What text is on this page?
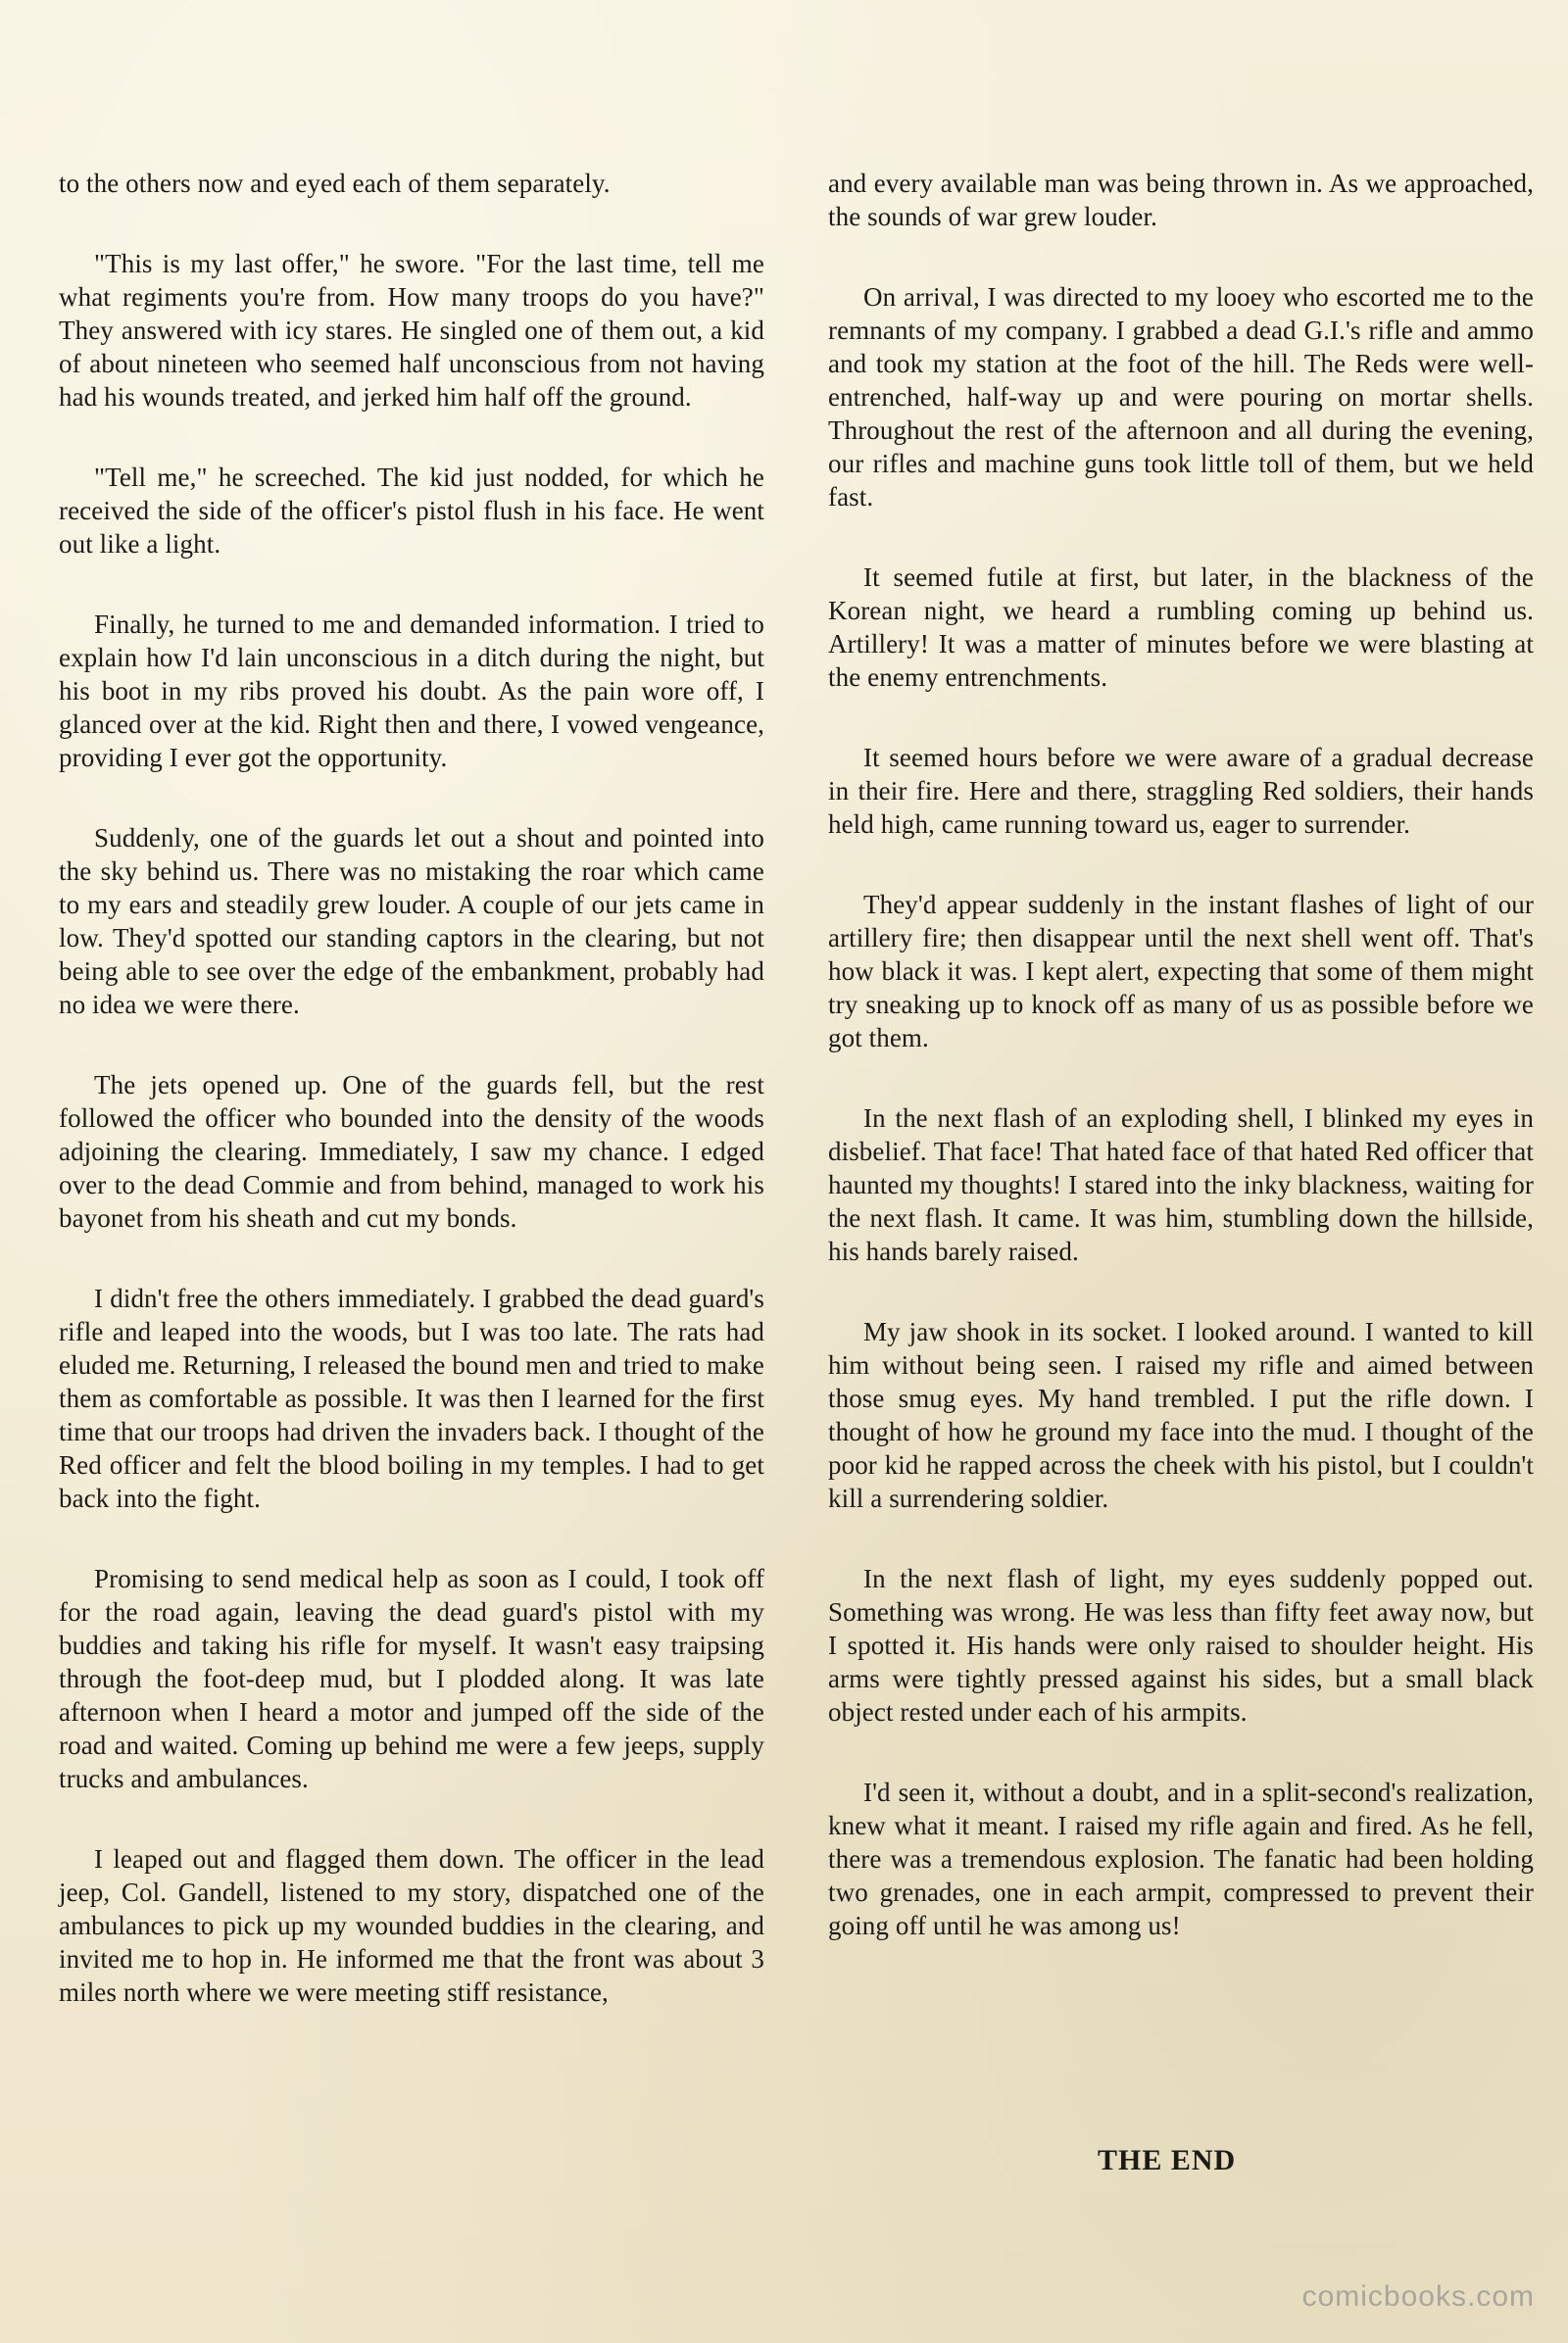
to the others now and eyed each of them separately.

"This is my last offer," he swore. "For the last time, tell me what regiments you're from. How many troops do you have?" They answered with icy stares. He singled one of them out, a kid of about nineteen who seemed half unconscious from not having had his wounds treated, and jerked him half off the ground.

"Tell me," he screeched. The kid just nodded, for which he received the side of the officer's pistol flush in his face. He went out like a light.

Finally, he turned to me and demanded information. I tried to explain how I'd lain unconscious in a ditch during the night, but his boot in my ribs proved his doubt. As the pain wore off, I glanced over at the kid. Right then and there, I vowed vengeance, providing I ever got the opportunity.

Suddenly, one of the guards let out a shout and pointed into the sky behind us. There was no mistaking the roar which came to my ears and steadily grew louder. A couple of our jets came in low. They'd spotted our standing captors in the clearing, but not being able to see over the edge of the embankment, probably had no idea we were there.

The jets opened up. One of the guards fell, but the rest followed the officer who bounded into the density of the woods adjoining the clearing. Immediately, I saw my chance. I edged over to the dead Commie and from behind, managed to work his bayonet from his sheath and cut my bonds.

I didn't free the others immediately. I grabbed the dead guard's rifle and leaped into the woods, but I was too late. The rats had eluded me. Returning, I released the bound men and tried to make them as comfortable as possible. It was then I learned for the first time that our troops had driven the invaders back. I thought of the Red officer and felt the blood boiling in my temples. I had to get back into the fight.

Promising to send medical help as soon as I could, I took off for the road again, leaving the dead guard's pistol with my buddies and taking his rifle for myself. It wasn't easy traipsing through the foot-deep mud, but I plodded along. It was late afternoon when I heard a motor and jumped off the side of the road and waited. Coming up behind me were a few jeeps, supply trucks and ambulances.

I leaped out and flagged them down. The officer in the lead jeep, Col. Gandell, listened to my story, dispatched one of the ambulances to pick up my wounded buddies in the clearing, and invited me to hop in. He informed me that the front was about 3 miles north where we were meeting stiff resistance,

and every available man was being thrown in. As we approached, the sounds of war grew louder.

On arrival, I was directed to my looey who escorted me to the remnants of my company. I grabbed a dead G.I.'s rifle and ammo and took my station at the foot of the hill. The Reds were well-entrenched, half-way up and were pouring on mortar shells. Throughout the rest of the afternoon and all during the evening, our rifles and machine guns took little toll of them, but we held fast.

It seemed futile at first, but later, in the blackness of the Korean night, we heard a rumbling coming up behind us. Artillery! It was a matter of minutes before we were blasting at the enemy entrenchments.

It seemed hours before we were aware of a gradual decrease in their fire. Here and there, straggling Red soldiers, their hands held high, came running toward us, eager to surrender.

They'd appear suddenly in the instant flashes of light of our artillery fire; then disappear until the next shell went off. That's how black it was. I kept alert, expecting that some of them might try sneaking up to knock off as many of us as possible before we got them.

In the next flash of an exploding shell, I blinked my eyes in disbelief. That face! That hated face of that hated Red officer that haunted my thoughts! I stared into the inky blackness, waiting for the next flash. It came. It was him, stumbling down the hillside, his hands barely raised.

My jaw shook in its socket. I looked around. I wanted to kill him without being seen. I raised my rifle and aimed between those smug eyes. My hand trembled. I put the rifle down. I thought of how he ground my face into the mud. I thought of the poor kid he rapped across the cheek with his pistol, but I couldn't kill a surrendering soldier.

In the next flash of light, my eyes suddenly popped out. Something was wrong. He was less than fifty feet away now, but I spotted it. His hands were only raised to shoulder height. His arms were tightly pressed against his sides, but a small black object rested under each of his armpits.

I'd seen it, without a doubt, and in a split-second's realization, knew what it meant. I raised my rifle again and fired. As he fell, there was a tremendous explosion. The fanatic had been holding two grenades, one in each armpit, compressed to prevent their going off until he was among us!

THE END
comicbooks.com
